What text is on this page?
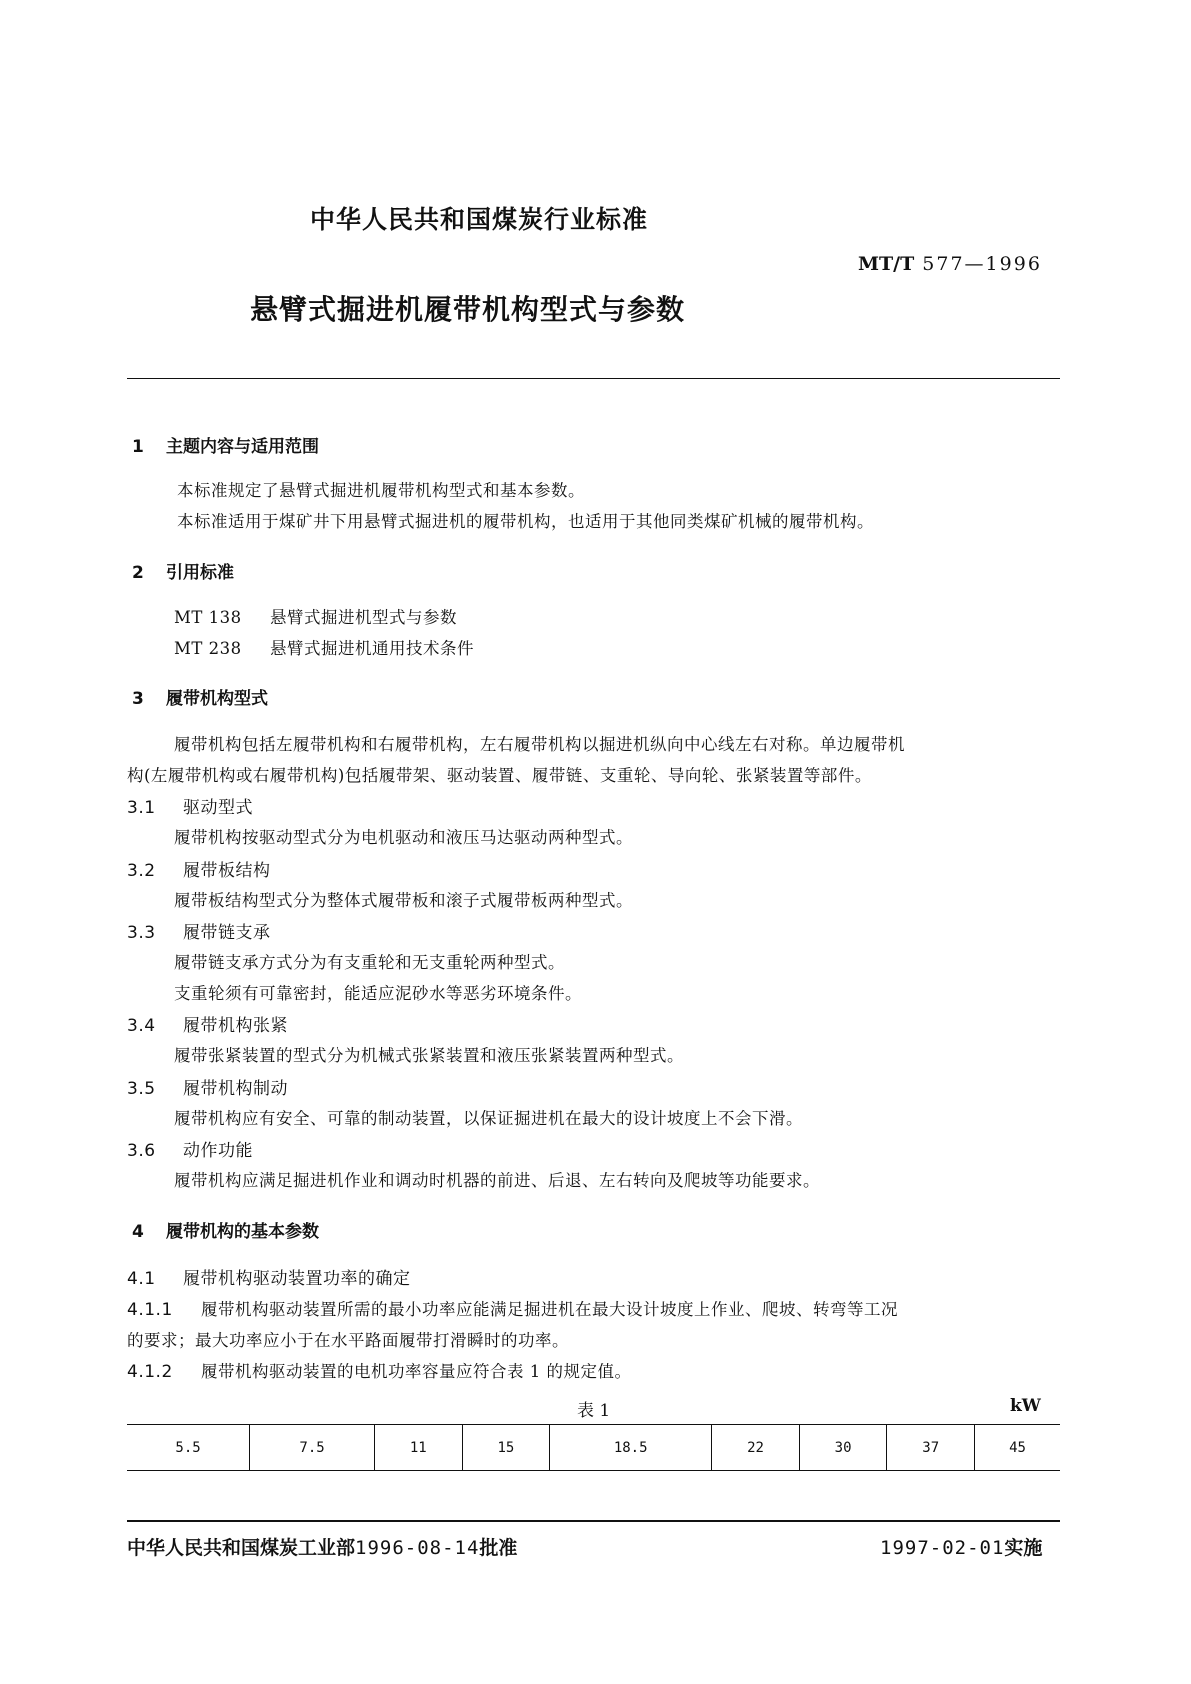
中华人民共和国煤炭行业标准
MT/T 577—1996
悬臂式掘进机履带机构型式与参数
1 主题内容与适用范围
本标准规定了悬臂式掘进机履带机构型式和基本参数。
本标准适用于煤矿井下用悬臂式掘进机的履带机构，也适用于其他同类煤矿机械的履带机构。
2 引用标准
MT 138 悬臂式掘进机型式与参数
MT 238 悬臂式掘进机通用技术条件
3 履带机构型式
履带机构包括左履带机构和右履带机构，左右履带机构以掘进机纵向中心线左右对称。单边履带机
构(左履带机构或右履带机构)包括履带架、驱动装置、履带链、支重轮、导向轮、张紧装置等部件。
3.1 驱动型式
履带机构按驱动型式分为电机驱动和液压马达驱动两种型式。
3.2 履带板结构
履带板结构型式分为整体式履带板和滚子式履带板两种型式。
3.3 履带链支承
履带链支承方式分为有支重轮和无支重轮两种型式。
支重轮须有可靠密封，能适应泥砂水等恶劣环境条件。
3.4 履带机构张紧
履带张紧装置的型式分为机械式张紧装置和液压张紧装置两种型式。
3.5 履带机构制动
履带机构应有安全、可靠的制动装置，以保证掘进机在最大的设计坡度上不会下滑。
3.6 动作功能
履带机构应满足掘进机作业和调动时机器的前进、后退、左右转向及爬坡等功能要求。
4 履带机构的基本参数
4.1 履带机构驱动装置功率的确定
4.1.1 履带机构驱动装置所需的最小功率应能满足掘进机在最大设计坡度上作业、爬坡、转弯等工况
的要求；最大功率应小于在水平路面履带打滑瞬时的功率。
4.1.2 履带机构驱动装置的电机功率容量应符合表 1 的规定值。
表 1	kW
5.5	7.5	11	15	18.5	22	30	37	45
中华人民共和国煤炭工业部1996-08-14批准	1997-02-01实施
